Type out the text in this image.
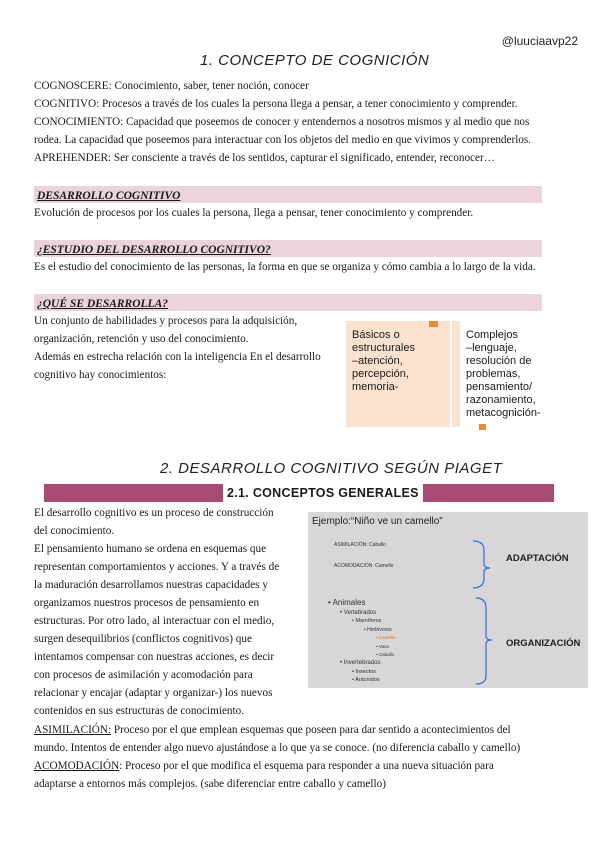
@luuciaavp22
1. CONCEPTO DE COGNICIÓN
COGNOSCERE: Conocimiento, saber, tener noción, conocer
COGNITIVO: Procesos a través de los cuales la persona llega a pensar, a tener conocimiento y comprender.
CONOCIMIENTO: Capacidad que poseemos de conocer y entendernos a nosotros mismos y al medio que nos
rodea. La capacidad que poseemos para interactuar con los objetos del medio en que vivimos y comprenderlos.
APREHENDER: Ser consciente a través de los sentidos, capturar el significado, entender, reconocer…
DESARROLLO COGNITIVO
Evolución de procesos por los cuales la persona, llega a pensar, tener conocimiento y comprender.
¿ESTUDIO DEL DESARROLLO COGNITIVO?
Es el estudio del conocimiento de las personas, la forma en que se organiza y cómo cambia a lo largo de la vida.
¿QUÉ SE DESARROLLA?
Un conjunto de habilidades y procesos para la adquisición,
organización, retención y uso del conocimiento.
Además en estrecha relación con la inteligencia En el desarrollo
cognitivo hay conocimientos:
Básicos o
estructurales
–atención,
percepción,
memoria-
Complejos
–lenguaje,
resolución de
problemas,
pensamiento/
razonamiento,
metacognición-
2. DESARROLLO COGNITIVO SEGÚN PIAGET
2.1. CONCEPTOS GENERALES
El desarrollo cognitivo es un proceso de construcción
del conocimiento.
El pensamiento humano se ordena en esquemas que
representan comportamientos y acciones. Y a través de
la maduración desarrollamos nuestras capacidades y
organizamos nuestros procesos de pensamiento en
estructuras. Por otro lado, al interactuar con el medio,
surgen desequilibrios (conflictos cognitivos) que
intentamos compensar con nuestras acciones, es decir
con procesos de asimilación y acomodación para
relacionar y encajar (adaptar y organizar-) los nuevos
contenidos en sus estructuras de conocimiento.
Ejemplo:“Niño ve un camello”
ASIMILACIÓN: Caballo
ACOMODACIÓN: Camello
ADAPTACIÓN
ORGANIZACIÓN
• Animales
• Vertebrados
• Mamíferos
• Herbívoros
• Camello
• Vaca
• Caballo
• Invertebrados
• Insectos
• Arácnidos
ASIMILACIÓN: Proceso por el que emplean esquemas que poseen para dar sentido a acontecimientos del
mundo. Intentos de entender algo nuevo ajustándose a lo que ya se conoce. (no diferencia caballo y camello)
ACOMODACIÓN: Proceso por el que modifica el esquema para responder a una nueva situación para
adaptarse a entornos más complejos. (sabe diferenciar entre caballo y camello)
